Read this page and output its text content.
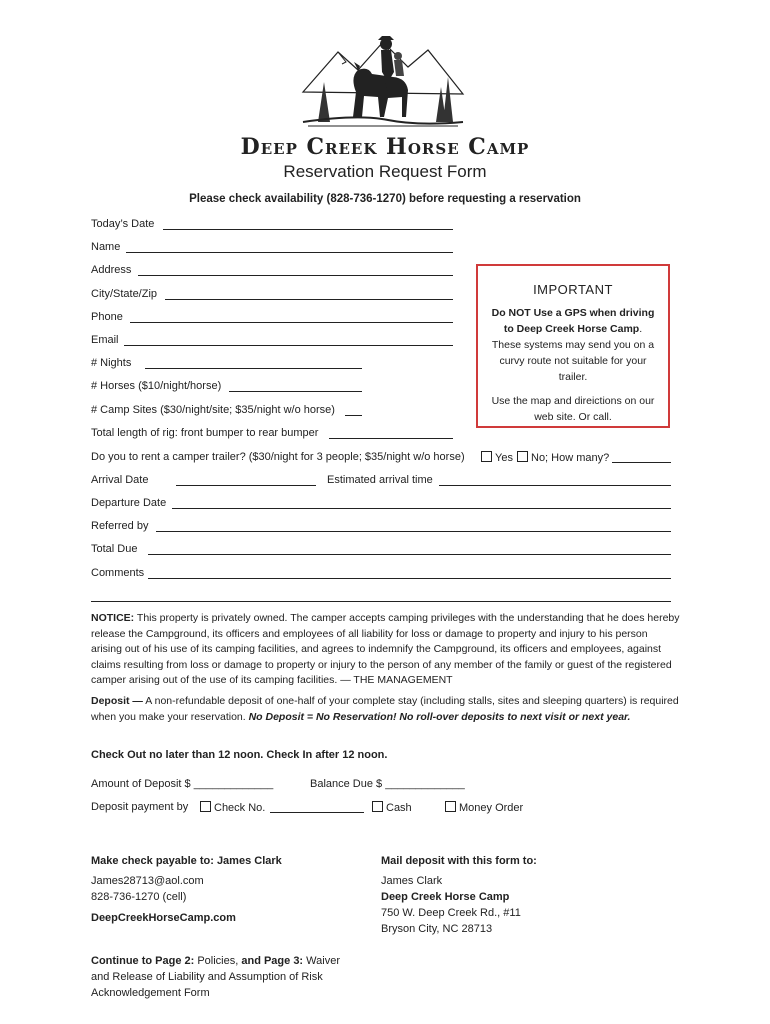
Deep Creek Horse Camp
Reservation Request Form
Please check availability (828-736-1270) before requesting a reservation
Today’s Date
Name
Address
City/State/Zip
Phone
Email
# Nights
# Horses ($10/night/horse)
# Camp Sites ($30/night/site; $35/night w/o horse)
Total length of rig: front bumper to rear bumper
IMPORTANT
Do NOT Use a GPS when driving to Deep Creek Horse Camp. These systems may send you on a curvy route not suitable for your trailer.
Use the map and direictions on our web site. Or call.
Do you to rent a camper trailer? ($30/night for 3 people; $35/night w/o horse)	Yes	No; How many?
Arrival Date	Estimated arrival time
Departure Date
Referred by
Total Due
Comments
NOTICE: This property is privately owned. The camper accepts camping privileges with the understanding that he does hereby release the Campground, its officers and employees of all liability for loss or damage to property and injury to his person arising out of his use of its camping facilities, and agrees to indemnify the Campground, its officers and employees, against claims resulting from loss or damage to property or injury to the person of any member of the family or guest of the registered camper arising out of the use of its camping facilities. — THE MANAGEMENT
Deposit — A non-refundable deposit of one-half of your complete stay (including stalls, sites and sleeping quarters) is required when you make your reservation. No Deposit = No Reservation! No roll-over deposits to next visit or next year.
Check Out no later than 12 noon. Check In after 12 noon.
Amount of Deposit $ _____________	Balance Due $ _____________
Deposit payment by	Check No.	Cash	Money Order
Make check payable to: James Clark
James28713@aol.com
828-736-1270 (cell)
DeepCreekHorseCamp.com
Mail deposit with this form to:
James Clark
Deep Creek Horse Camp
750 W. Deep Creek Rd., #11
Bryson City, NC 28713
Continue to Page 2: Policies, and Page 3: Waiver and Release of Liability and Assumption of Risk Acknowledgement Form
